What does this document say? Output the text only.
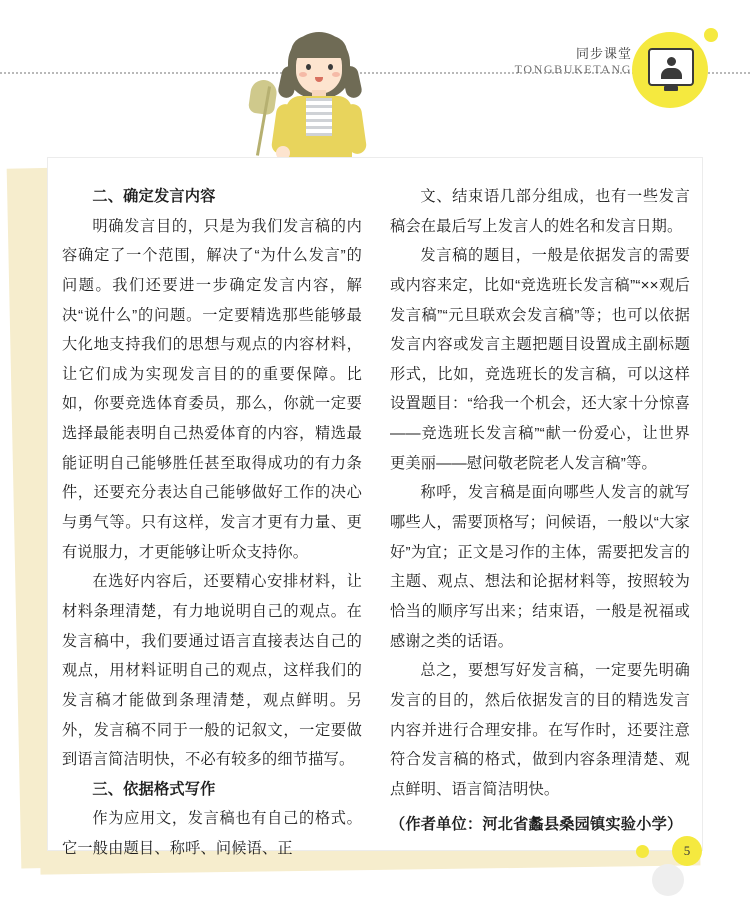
同步课堂
TONGBUKETANG

二、确定发言内容

明确发言目的，只是为我们发言稿的内容确定了一个范围，解决了“为什么发言”的问题。我们还要进一步确定发言内容，解决“说什么”的问题。一定要精选那些能够最大化地支持我们的思想与观点的内容材料，让它们成为实现发言目的的重要保障。比如，你要竞选体育委员，那么，你就一定要选择最能表明自己热爱体育的内容，精选最能证明自己能够胜任甚至取得成功的有力条件，还要充分表达自己能够做好工作的决心与勇气等。只有这样，发言才更有力量、更有说服力，才更能够让听众支持你。

在选好内容后，还要精心安排材料，让材料条理清楚，有力地说明自己的观点。在发言稿中，我们要通过语言直接表达自己的观点，用材料证明自己的观点，这样我们的发言稿才能做到条理清楚，观点鲜明。另外，发言稿不同于一般的记叙文，一定要做到语言简洁明快，不必有较多的细节描写。

三、依据格式写作

作为应用文，发言稿也有自己的格式。它一般由题目、称呼、问候语、正

文、结束语几部分组成，也有一些发言稿会在最后写上发言人的姓名和发言日期。

发言稿的题目，一般是依据发言的需要或内容来定，比如“竞选班长发言稿”“××观后发言稿”“元旦联欢会发言稿”等；也可以依据发言内容或发言主题把题目设置成主副标题形式，比如，竞选班长的发言稿，可以这样设置题目：“给我一个机会，还大家十分惊喜——竞选班长发言稿”“献一份爱心，让世界更美丽——慰问敬老院老人发言稿”等。

称呼，发言稿是面向哪些人发言的就写哪些人，需要顶格写；问候语，一般以“大家好”为宜；正文是习作的主体，需要把发言的主题、观点、想法和论据材料等，按照较为恰当的顺序写出来；结束语，一般是祝福或感谢之类的话语。

总之，要想写好发言稿，一定要先明确发言的目的，然后依据发言的目的精选发言内容并进行合理安排。在写作时，还要注意符合发言稿的格式，做到内容条理清楚、观点鲜明、语言简洁明快。

（作者单位：河北省蠡县桑园镇实验小学）

5
